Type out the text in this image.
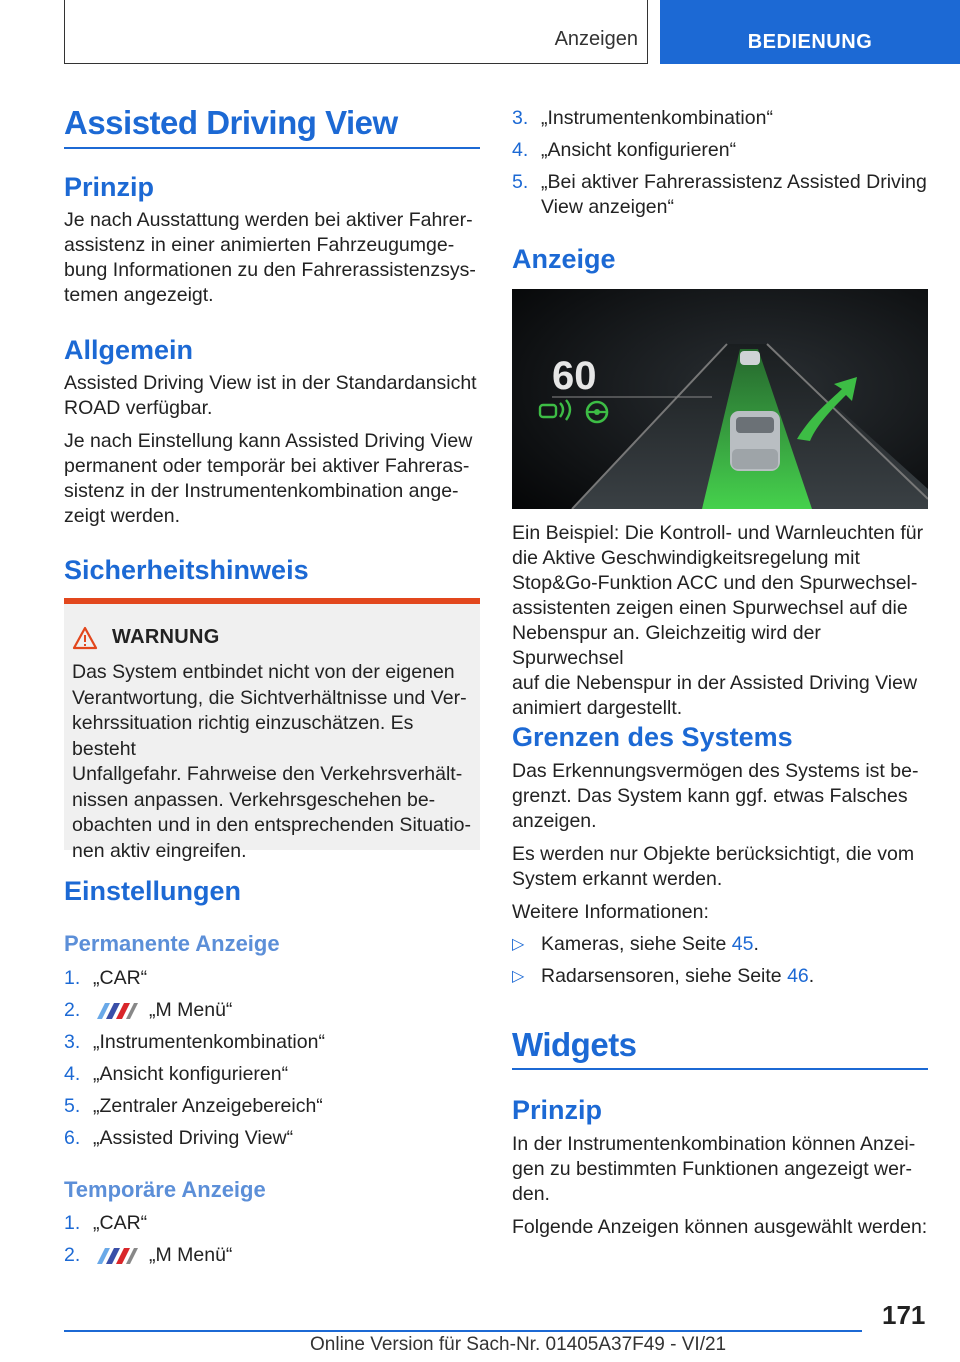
Anzeigen	BEDIENUNG
Assisted Driving View
Prinzip

Je nach Ausstattung werden bei aktiver Fahrer-

assistenz in einer animierten Fahrzeugumge-

bung Informationen zu den Fahrerassistenzsys-

temen angezeigt.

Allgemein

Assisted Driving View ist in der Standardansicht

ROAD verfügbar.

Je nach Einstellung kann Assisted Driving View

permanent oder temporär bei aktiver Fahreras-

sistenz in der Instrumentenkombination ange-

zeigt werden.

Sicherheitshinweis
WARNUNG
Das System entbindet nicht von der eigenen
Verantwortung, die Sichtverhältnisse und Ver-
kehrssituation richtig einzuschätzen. Es besteht
Unfallgefahr. Fahrweise den Verkehrsverhält-
nissen anpassen. Verkehrsgeschehen be-
obachten und in den entsprechenden Situatio-
nen aktiv eingreifen.
Einstellungen
Permanente Anzeige
1. „CAR“
2.	„M Menü“
3. „Instrumentenkombination“
4. „Ansicht konfigurieren“
5. „Zentraler Anzeigebereich“
6. „Assisted Driving View“
Temporäre Anzeige
1. „CAR“
2.	„M Menü“
3. „Instrumentenkombination“
4. „Ansicht konfigurieren“
5. „Bei aktiver Fahrerassistenz Assisted Driving
View anzeigen“
Anzeige
60

Ein Beispiel: Die Kontroll- und Warnleuchten für

die Aktive Geschwindigkeitsregelung mit

Stop&Go-Funktion ACC und den Spurwechsel-

assistenten zeigen einen Spurwechsel auf die

Nebenspur an. Gleichzeitig wird der Spurwechsel

auf die Nebenspur in der Assisted Driving View

animiert dargestellt.

Grenzen des Systems

Das Erkennungsvermögen des Systems ist be-

grenzt. Das System kann ggf. etwas Falsches

anzeigen.

Es werden nur Objekte berücksichtigt, die vom

System erkannt werden.

Weitere Informationen:

▷ Kameras, siehe Seite 45.
▷ Radarsensoren, siehe Seite 46.
Widgets
Prinzip

In der Instrumentenkombination können Anzei-

gen zu bestimmten Funktionen angezeigt wer-

den.

Folgende Anzeigen können ausgewählt werden:

171
Online Version für Sach-Nr. 01405A37F49 - VI/21
